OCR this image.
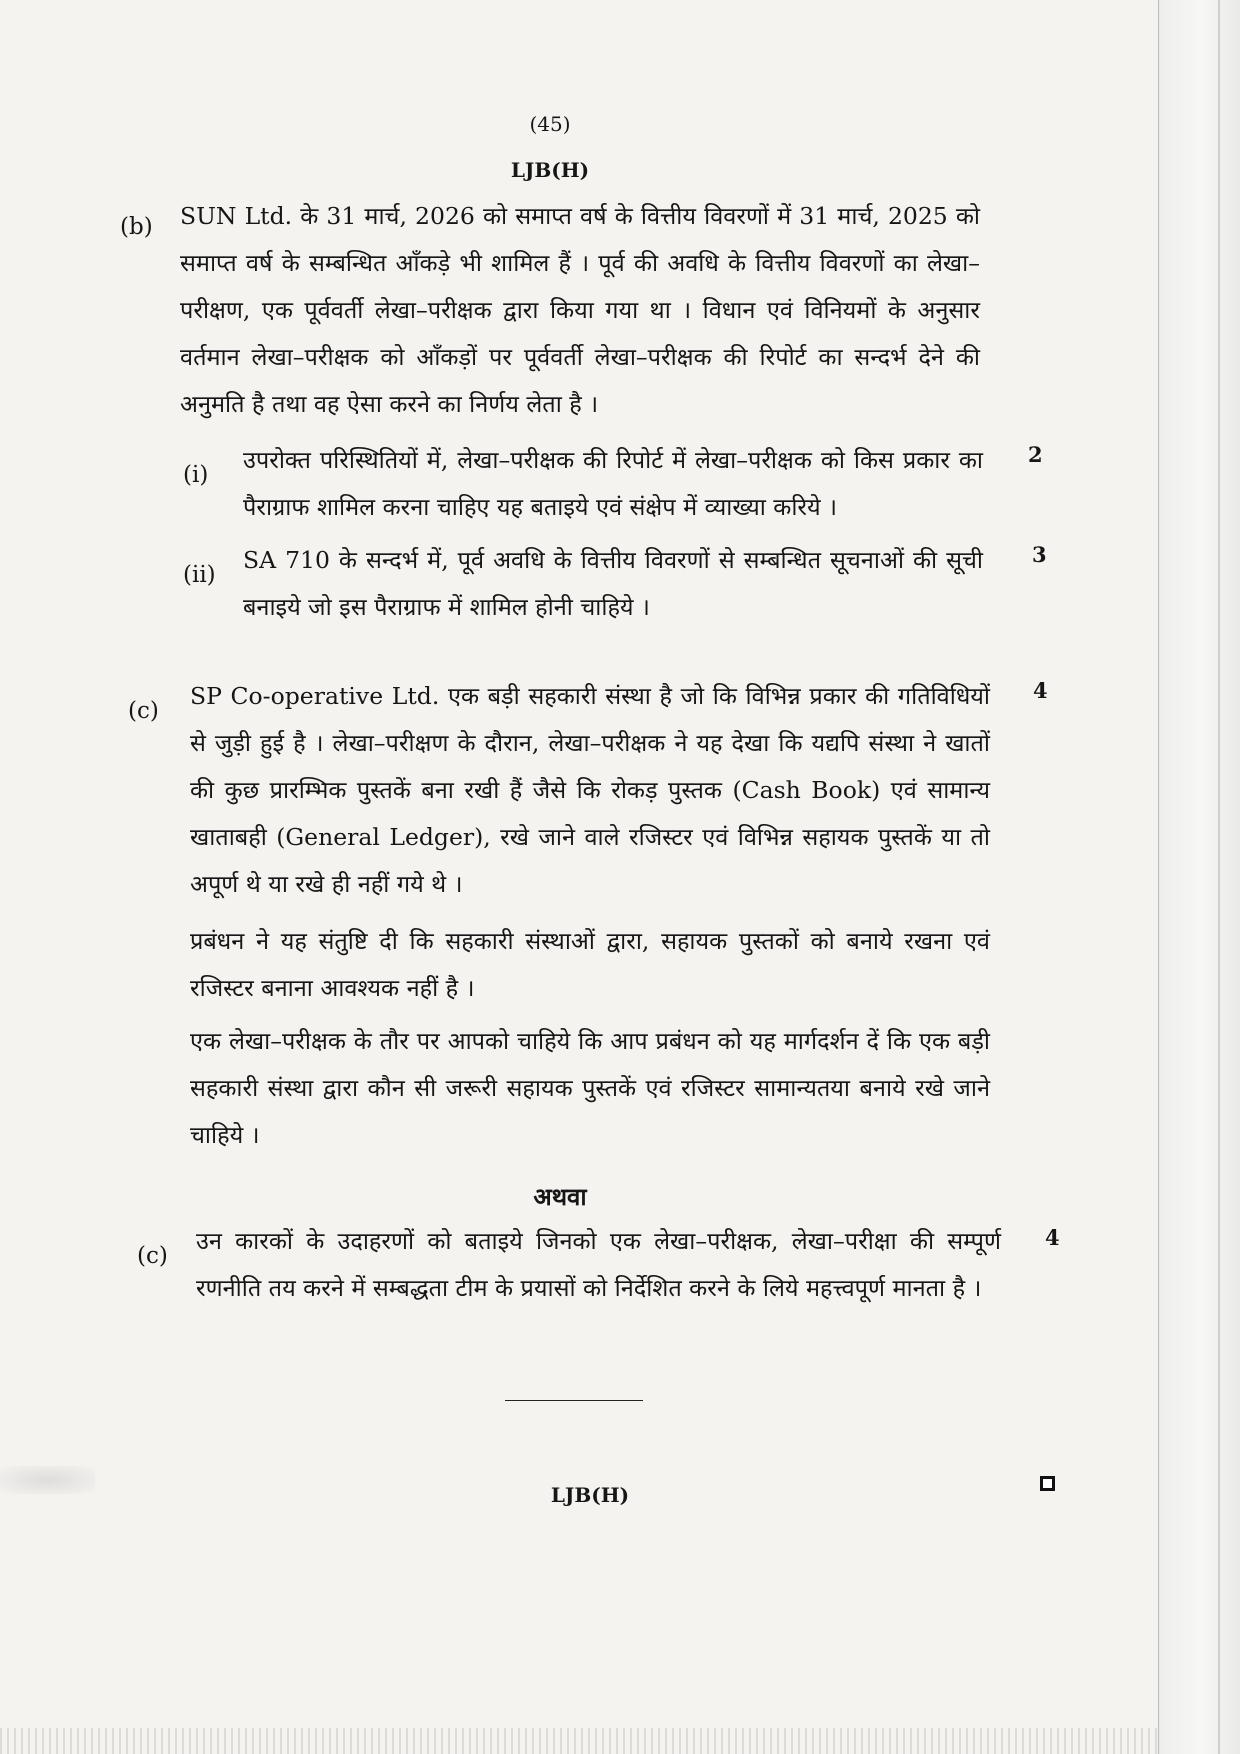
(45)
LJB(H)
(b) SUN Ltd. के 31 मार्च, 2026 को समाप्त वर्ष के वित्तीय विवरणों में 31 मार्च, 2025 को समाप्त वर्ष के सम्बन्धित आँकड़े भी शामिल हैं । पूर्व की अवधि के वित्तीय विवरणों का लेखा–परीक्षण, एक पूर्ववर्ती लेखा–परीक्षक द्वारा किया गया था । विधान एवं विनियमों के अनुसार वर्तमान लेखा–परीक्षक को आँकड़ों पर पूर्ववर्ती लेखा–परीक्षक की रिपोर्ट का सन्दर्भ देने की अनुमति है तथा वह ऐसा करने का निर्णय लेता है ।
(i)
उपरोक्त परिस्थितियों में, लेखा–परीक्षक की रिपोर्ट में लेखा–परीक्षक को किस प्रकार का पैराग्राफ शामिल करना चाहिए यह बताइये एवं संक्षेप में व्याख्या करिये ।
2
(ii)
SA 710 के सन्दर्भ में, पूर्व अवधि के वित्तीय विवरणों से सम्बन्धित सूचनाओं की सूची बनाइये जो इस पैराग्राफ में शामिल होनी चाहिये ।
3
(c)
4
SP Co-operative Ltd. एक बड़ी सहकारी संस्था है जो कि विभिन्न प्रकार की गतिविधियों से जुड़ी हुई है । लेखा–परीक्षण के दौरान, लेखा–परीक्षक ने यह देखा कि यद्यपि संस्था ने खातों की कुछ प्रारम्भिक पुस्तकें बना रखी हैं जैसे कि रोकड़ पुस्तक (Cash Book) एवं सामान्य खाताबही (General Ledger), रखे जाने वाले रजिस्टर एवं विभिन्न सहायक पुस्तकें या तो अपूर्ण थे या रखे ही नहीं गये थे ।
प्रबंधन ने यह संतुष्टि दी कि सहकारी संस्थाओं द्वारा, सहायक पुस्तकों को बनाये रखना एवं रजिस्टर बनाना आवश्यक नहीं है ।
एक लेखा–परीक्षक के तौर पर आपको चाहिये कि आप प्रबंधन को यह मार्गदर्शन दें कि एक बड़ी सहकारी संस्था द्वारा कौन सी जरूरी सहायक पुस्तकें एवं रजिस्टर सामान्यतया बनाये रखे जाने चाहिये ।
अथवा
(c)
4
उन कारकों के उदाहरणों को बताइये जिनको एक लेखा–परीक्षक, लेखा–परीक्षा की सम्पूर्ण रणनीति तय करने में सम्बद्धता टीम के प्रयासों को निर्देशित करने के लिये महत्त्वपूर्ण मानता है ।
LJB(H)
